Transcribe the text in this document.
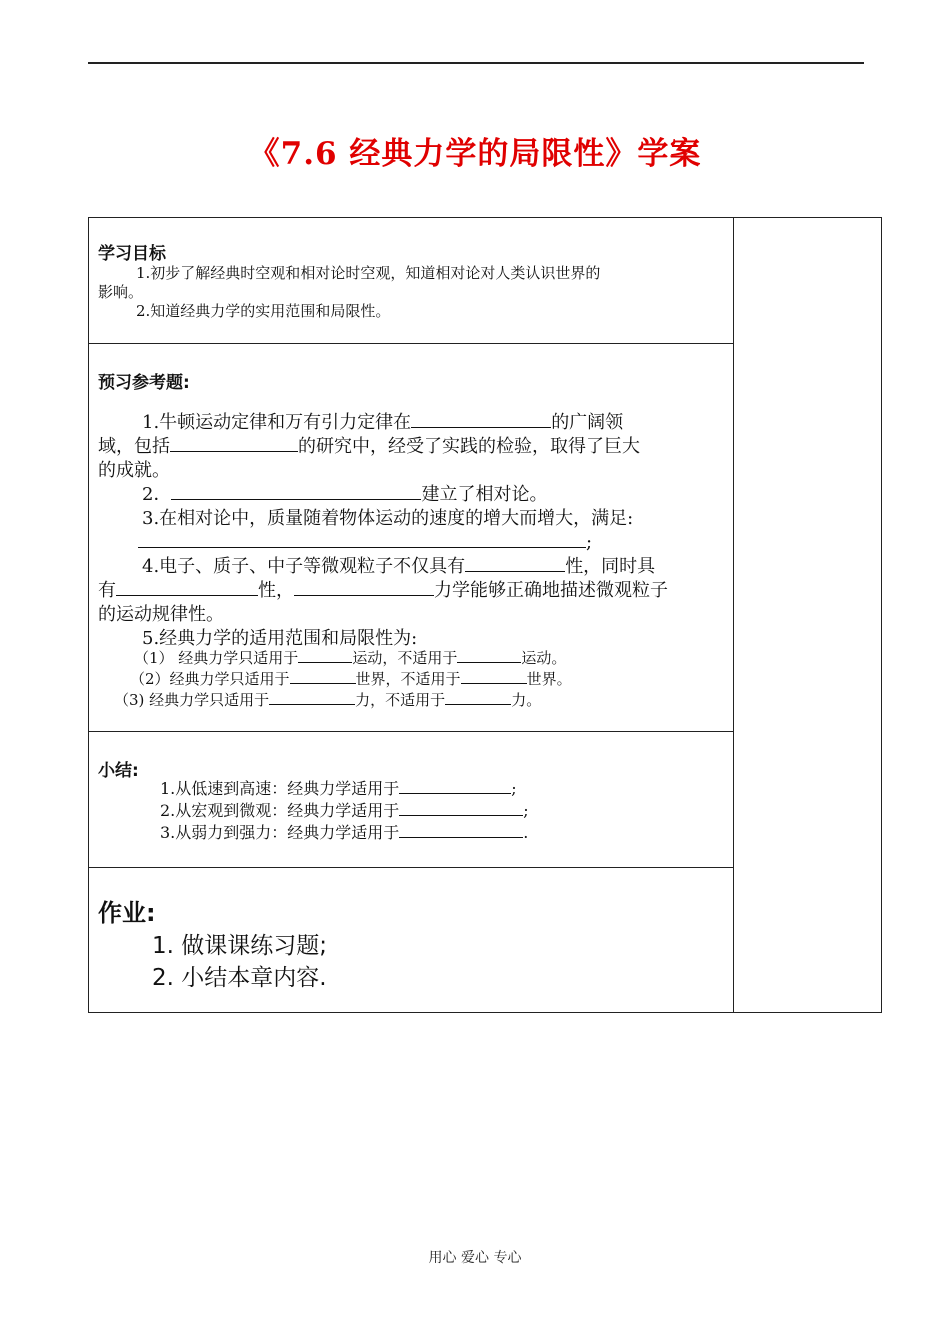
《7.6 经典力学的局限性》学案
学习目标
1.初步了解经典时空观和相对论时空观，知道相对论对人类认识世界的
影响。
2.知道经典力学的实用范围和局限性。
预习参考题:
1.牛顿运动定律和万有引力定律在	的广阔领
域，包括	的研究中，经受了实践的检验，取得了巨大
的成就。
2．	建立了相对论。
3.在相对论中，质量随着物体运动的速度的增大而增大，满足:
;
4.电子、质子、中子等微观粒子不仅具有	性，同时具
有	性，	力学能够正确地描述微观粒子
的运动规律性。
5.经典力学的适用范围和局限性为:
（1） 经典力学只适用于	运动，不适用于	运动。
（2）经典力学只适用于	世界，不适用于	世界。
（3) 经典力学只适用于	力，不适用于	力。
小结:
1.从低速到高速：经典力学适用于	;
2.从宏观到微观：经典力学适用于	;
3.从弱力到强力：经典力学适用于	.
作业:
1. 做课课练习题;
2. 小结本章内容.
用心 爱心 专心
